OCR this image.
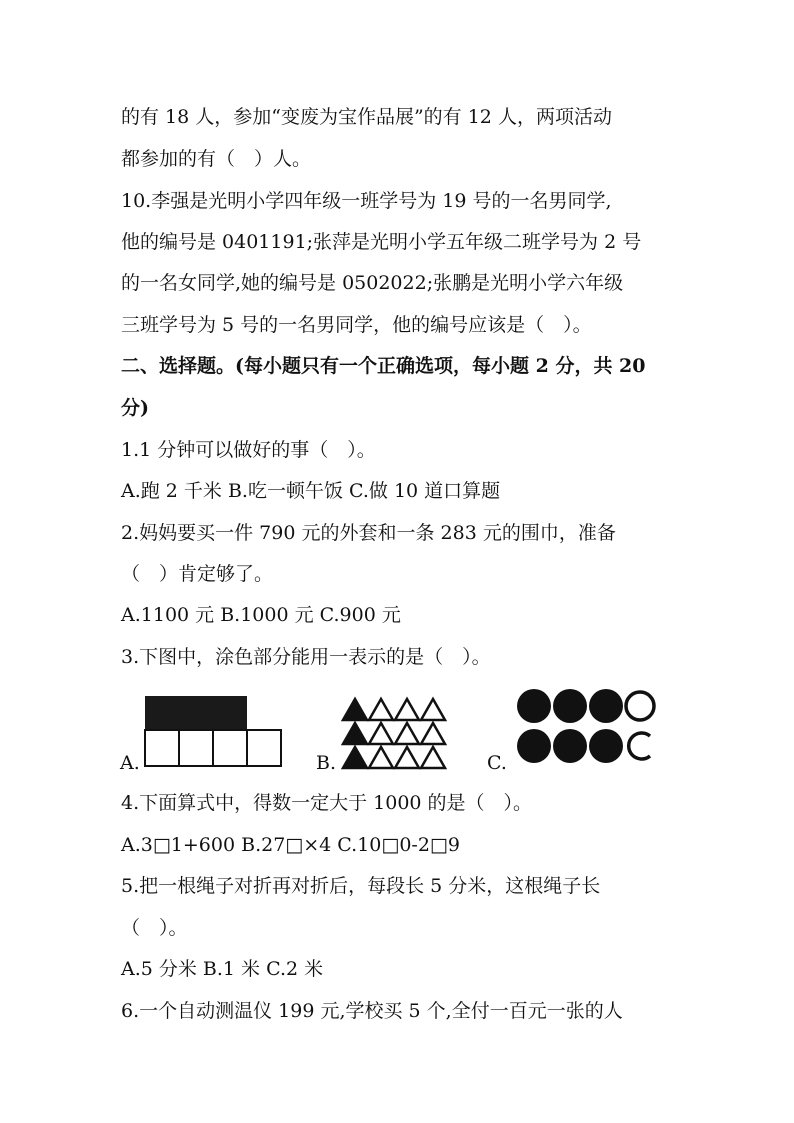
的有 18 人，参加“变废为宝作品展”的有 12 人，两项活动
都参加的有（　）人。
10.李强是光明小学四年级一班学号为 19 号的一名男同学,
他的编号是 0401191;张萍是光明小学五年级二班学号为 2 号
的一名女同学,她的编号是 0502022;张鹏是光明小学六年级
三班学号为 5 号的一名男同学，他的编号应该是（　）。
二、选择题。(每小题只有一个正确选项，每小题 2 分，共 20
分)
1.1 分钟可以做好的事（　）。
A.跑 2 千米 B.吃一顿午饭 C.做 10 道口算题
2.妈妈要买一件 790 元的外套和一条 283 元的围巾，准备
（　）肯定够了。
A.1100 元 B.1000 元 C.900 元
3.下图中，涂色部分能用一表示的是（　）。
A.	B.	C.
4.下面算式中，得数一定大于 1000 的是（　）。
A.3□1+600 B.27□×4 C.10□0-2□9
5.把一根绳子对折再对折后，每段长 5 分米，这根绳子长
（　）。
A.5 分米 B.1 米 C.2 米
6.一个自动测温仪 199 元,学校买 5 个,全付一百元一张的人
